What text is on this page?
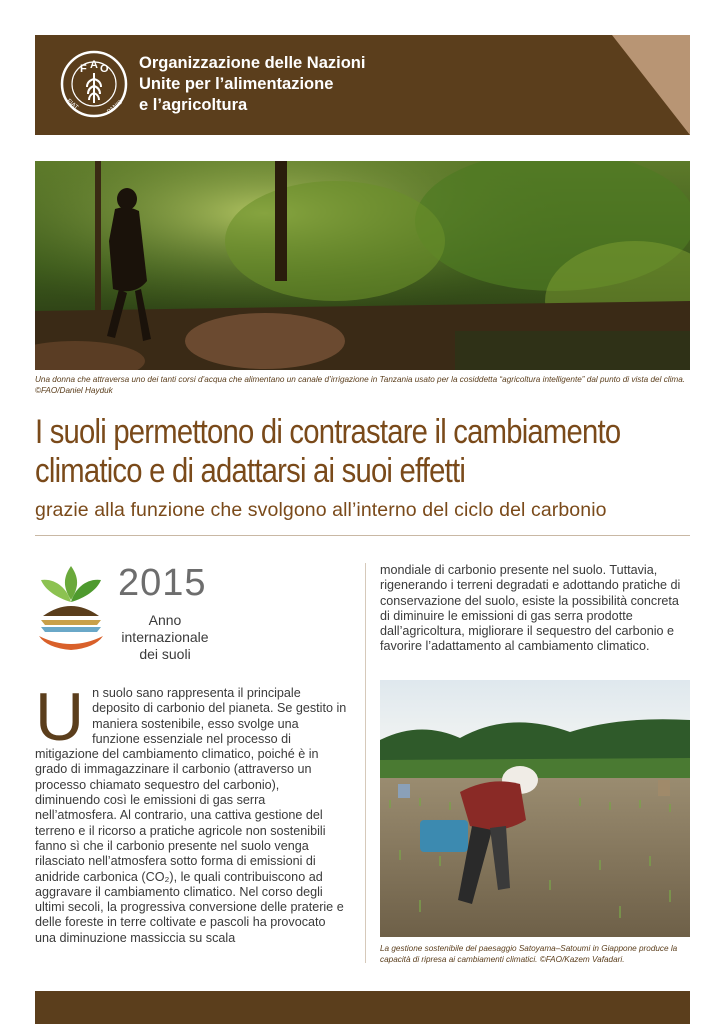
F A O
FIAT	PANIS
Organizzazione delle Nazioni
Unite per l’alimentazione
e l’agricoltura
Una donna che attraversa uno dei tanti corsi d’acqua che alimentano un canale d’irrigazione in Tanzania usato per la cosiddetta “agricoltura intelligente” dal punto di vista del clima. ©FAO/Daniel Hayduk
I suoli permettono di contrastare il cambiamento
climatico e di adattarsi ai suoi effetti
grazie alla funzione che svolgono all’interno del ciclo del carbonio
2015
Anno internazionale
dei suoli
Un suolo sano rappresenta il principale deposito di carbonio del pianeta. Se gestito in maniera sostenibile, esso svolge una funzione essenziale nel processo di mitigazione del cambiamento climatico, poiché è in grado di immagazzinare il carbonio (attraverso un processo chiamato sequestro del carbonio), diminuendo così le emissioni di gas serra nell’atmosfera. Al contrario, una cattiva gestione del terreno e il ricorso a pratiche agricole non sostenibili fanno sì che il carbonio presente nel suolo venga rilasciato nell’atmosfera sotto forma di emissioni di anidride carbonica (CO₂), le quali contribuiscono ad aggravare il cambiamento climatico. Nel corso degli ultimi secoli, la progressiva conversione delle praterie e delle foreste in terre coltivate e pascoli ha provocato una diminuzione massiccia su scala
mondiale di carbonio presente nel suolo. Tuttavia, rigenerando i terreni degradati e adottando pratiche di conservazione del suolo, esiste la possibilità concreta di diminuire le emissioni di gas serra prodotte dall’agricoltura, migliorare il sequestro del carbonio e favorire l’adattamento al cambiamento climatico.
La gestione sostenibile del paesaggio Satoyama–Satoumi in Giappone produce la capacità di ripresa ai cambiamenti climatici. ©FAO/Kazem Vafadari.
